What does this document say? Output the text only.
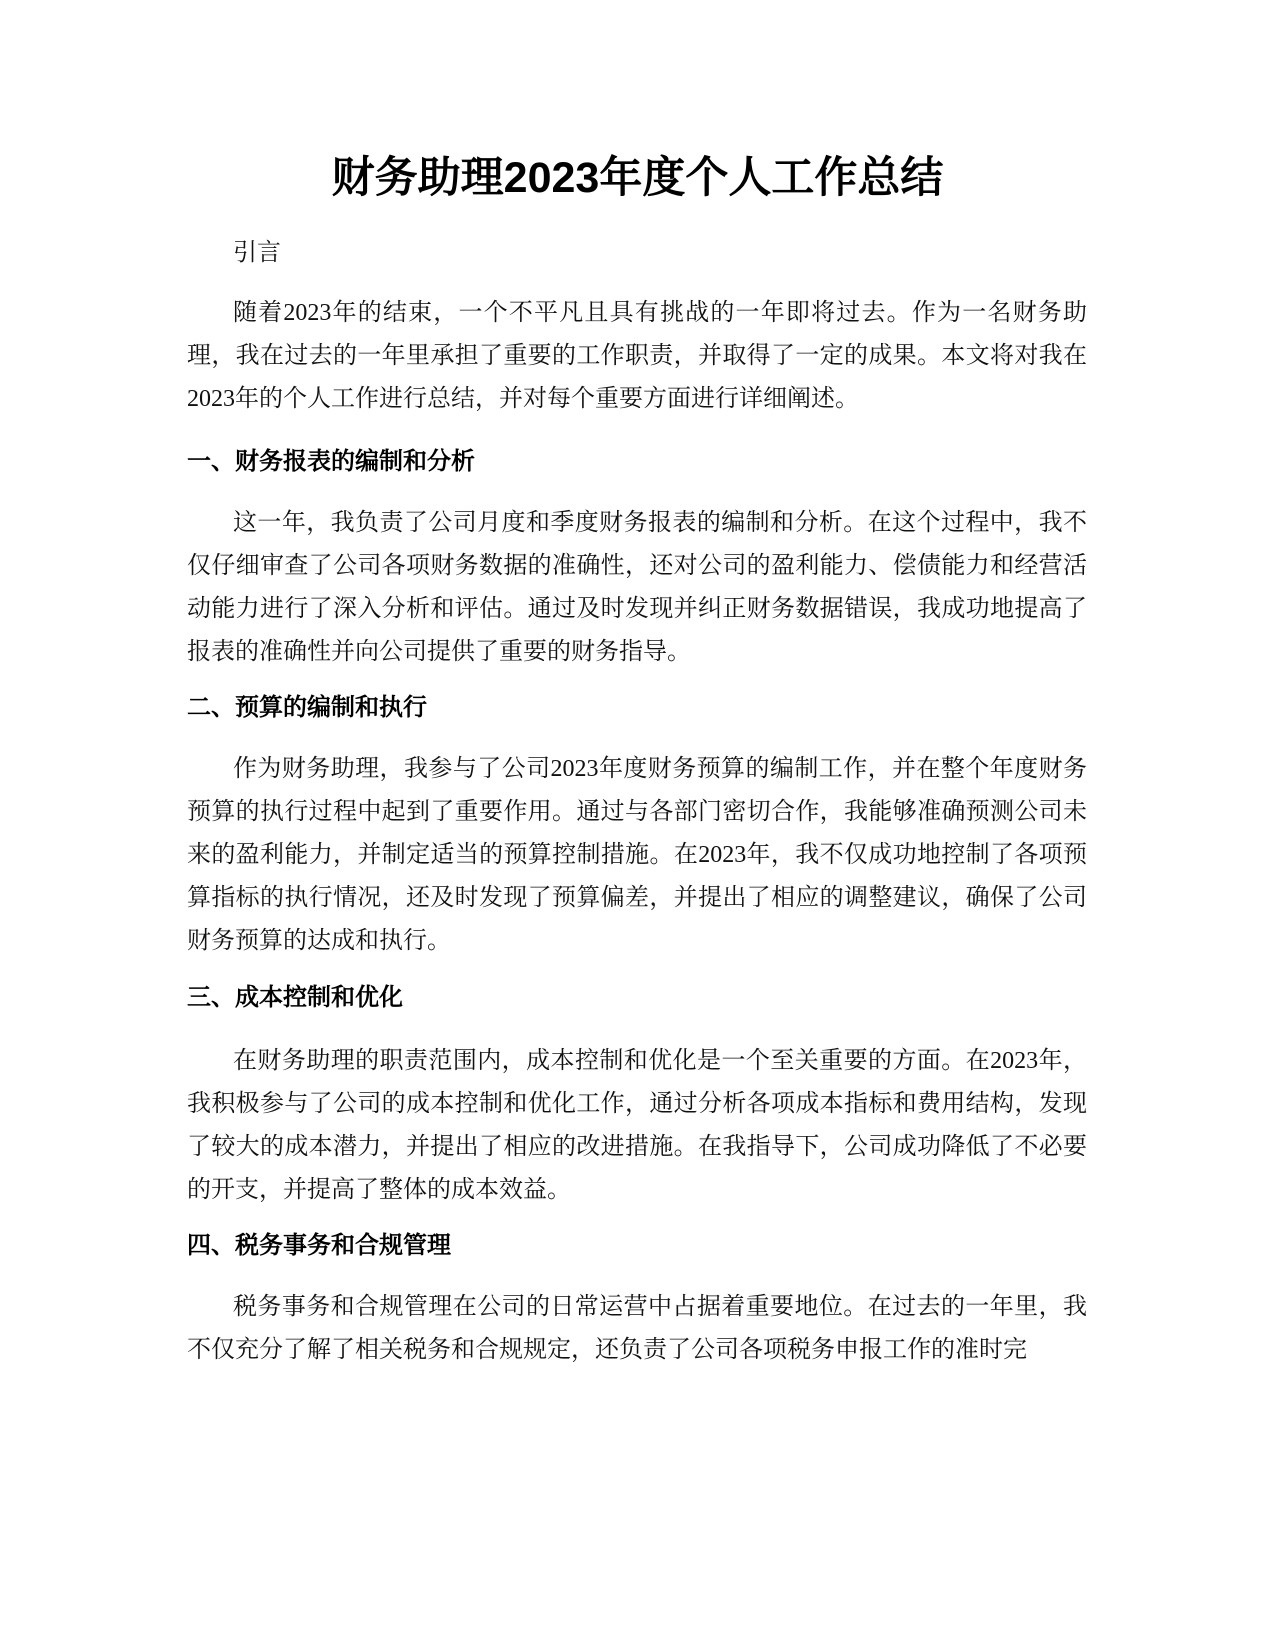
财务助理2023年度个人工作总结

引言

随着2023年的结束，一个不平凡且具有挑战的一年即将过去。作为一名财务助理，我在过去的一年里承担了重要的工作职责，并取得了一定的成果。本文将对我在2023年的个人工作进行总结，并对每个重要方面进行详细阐述。

一、财务报表的编制和分析

这一年，我负责了公司月度和季度财务报表的编制和分析。在这个过程中，我不仅仔细审查了公司各项财务数据的准确性，还对公司的盈利能力、偿债能力和经营活动能力进行了深入分析和评估。通过及时发现并纠正财务数据错误，我成功地提高了报表的准确性并向公司提供了重要的财务指导。

二、预算的编制和执行

作为财务助理，我参与了公司2023年度财务预算的编制工作，并在整个年度财务预算的执行过程中起到了重要作用。通过与各部门密切合作，我能够准确预测公司未来的盈利能力，并制定适当的预算控制措施。在2023年，我不仅成功地控制了各项预算指标的执行情况，还及时发现了预算偏差，并提出了相应的调整建议，确保了公司财务预算的达成和执行。

三、成本控制和优化

在财务助理的职责范围内，成本控制和优化是一个至关重要的方面。在2023年，我积极参与了公司的成本控制和优化工作，通过分析各项成本指标和费用结构，发现了较大的成本潜力，并提出了相应的改进措施。在我指导下，公司成功降低了不必要的开支，并提高了整体的成本效益。

四、税务事务和合规管理

税务事务和合规管理在公司的日常运营中占据着重要地位。在过去的一年里，我不仅充分了解了相关税务和合规规定，还负责了公司各项税务申报工作的准时完
